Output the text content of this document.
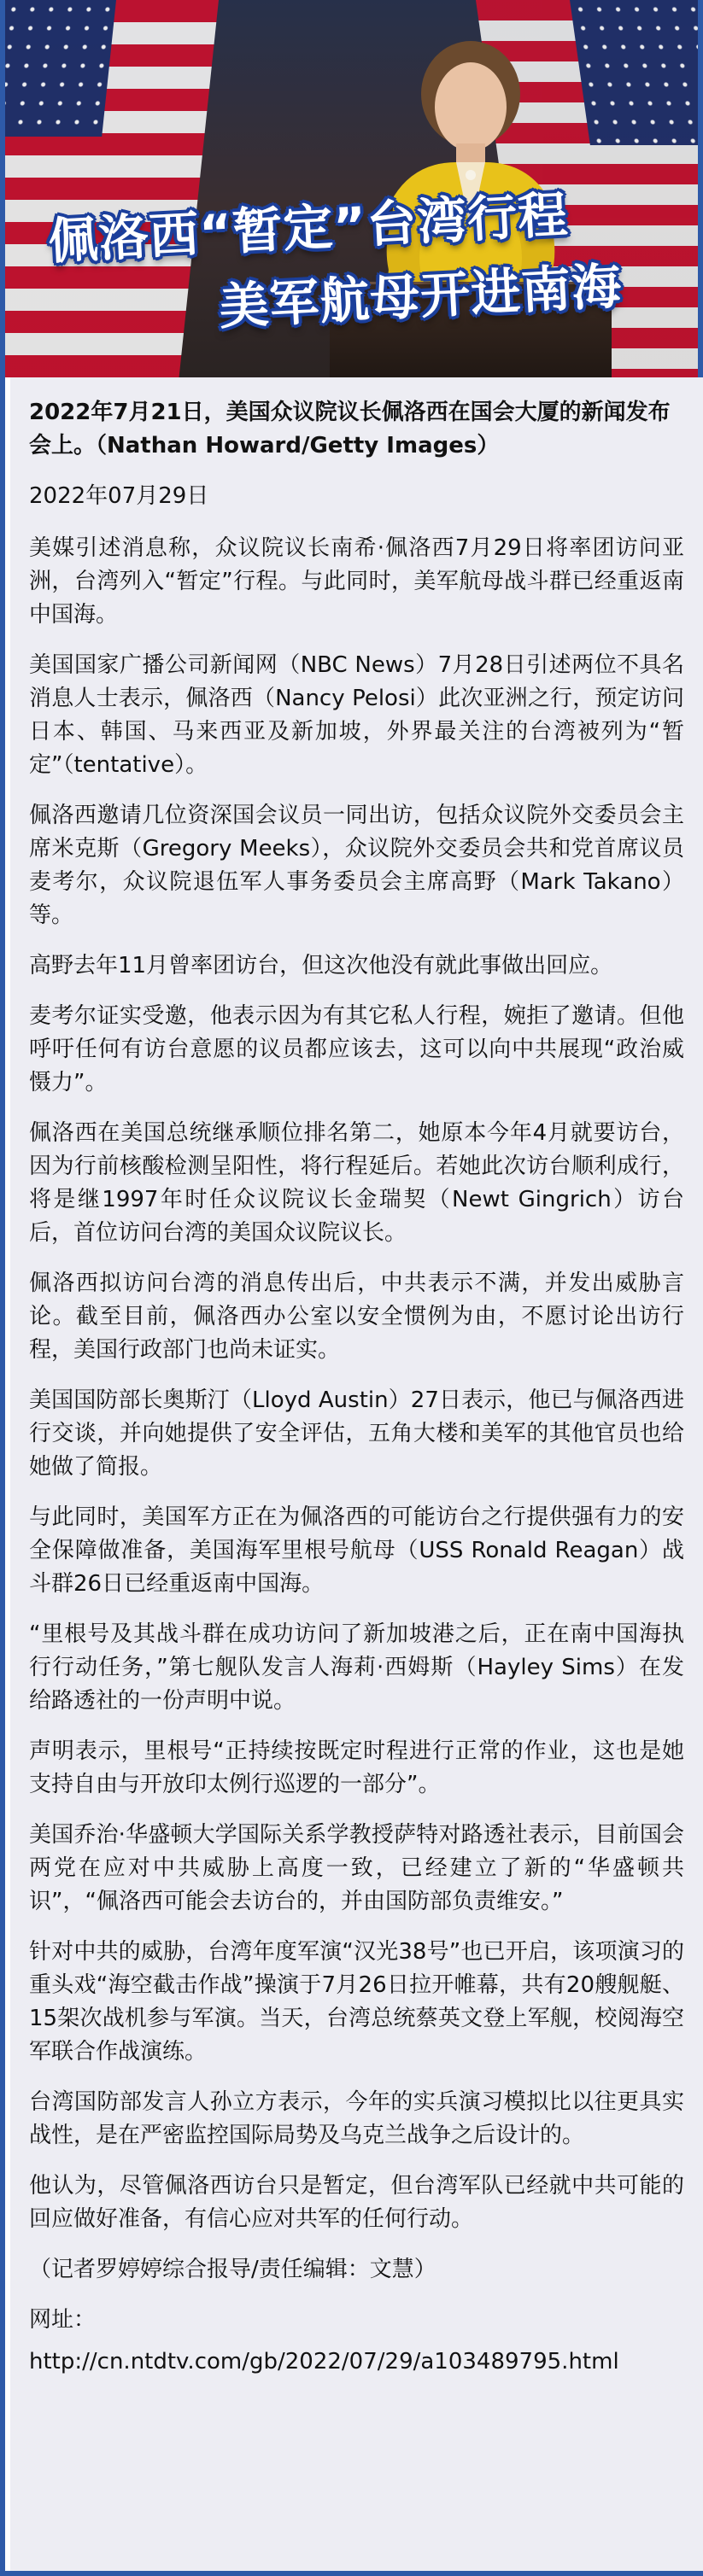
佩洛西“暂定”台湾行程
美军航母开进南海

2022年7月21日，美国众议院议长佩洛西在国会大厦的新闻发布会上。（Nathan Howard/Getty Images）

2022年07月29日

美媒引述消息称，众议院议长南希·佩洛西7月29日将率团访问亚洲，台湾列入“暂定”行程。与此同时，美军航母战斗群已经重返南中国海。

美国国家广播公司新闻网（NBC News）7月28日引述两位不具名消息人士表示，佩洛西（Nancy Pelosi）此次亚洲之行，预定访问日本、韩国、马来西亚及新加坡，外界最关注的台湾被列为“暂定”（tentative）。

佩洛西邀请几位资深国会议员一同出访，包括众议院外交委员会主席米克斯（Gregory Meeks），众议院外交委员会共和党首席议员麦考尔，众议院退伍军人事务委员会主席高野（Mark Takano）等。

高野去年11月曾率团访台，但这次他没有就此事做出回应。

麦考尔证实受邀，他表示因为有其它私人行程，婉拒了邀请。但他呼吁任何有访台意愿的议员都应该去，这可以向中共展现“政治威慑力”。

佩洛西在美国总统继承顺位排名第二，她原本今年4月就要访台，因为行前核酸检测呈阳性，将行程延后。若她此次访台顺利成行，将是继1997年时任众议院议长金瑞契（Newt Gingrich）访台后，首位访问台湾的美国众议院议长。

佩洛西拟访问台湾的消息传出后，中共表示不满，并发出威胁言论。截至目前，佩洛西办公室以安全惯例为由，不愿讨论出访行程，美国行政部门也尚未证实。

美国国防部长奥斯汀（Lloyd Austin）27日表示，他已与佩洛西进行交谈，并向她提供了安全评估，五角大楼和美军的其他官员也给她做了简报。

与此同时，美国军方正在为佩洛西的可能访台之行提供强有力的安全保障做准备，美国海军里根号航母（USS Ronald Reagan）战斗群26日已经重返南中国海。

“里根号及其战斗群在成功访问了新加坡港之后，正在南中国海执行行动任务，”第七舰队发言人海莉·西姆斯（Hayley Sims）在发给路透社的一份声明中说。

声明表示，里根号“正持续按既定时程进行正常的作业，这也是她支持自由与开放印太例行巡逻的一部分”。

美国乔治·华盛顿大学国际关系学教授萨特对路透社表示，目前国会两党在应对中共威胁上高度一致，已经建立了新的“华盛顿共识”，“佩洛西可能会去访台的，并由国防部负责维安。”

针对中共的威胁，台湾年度军演“汉光38号”也已开启，该项演习的重头戏“海空截击作战”操演于7月26日拉开帷幕，共有20艘舰艇、15架次战机参与军演。当天，台湾总统蔡英文登上军舰，校阅海空军联合作战演练。

台湾国防部发言人孙立方表示，今年的实兵演习模拟比以往更具实战性，是在严密监控国际局势及乌克兰战争之后设计的。

他认为，尽管佩洛西访台只是暂定，但台湾军队已经就中共可能的回应做好准备，有信心应对共军的任何行动。

（记者罗婷婷综合报导/责任编辑：文慧）

网址：

http://cn.ntdtv.com/gb/2022/07/29/a103489795.html
